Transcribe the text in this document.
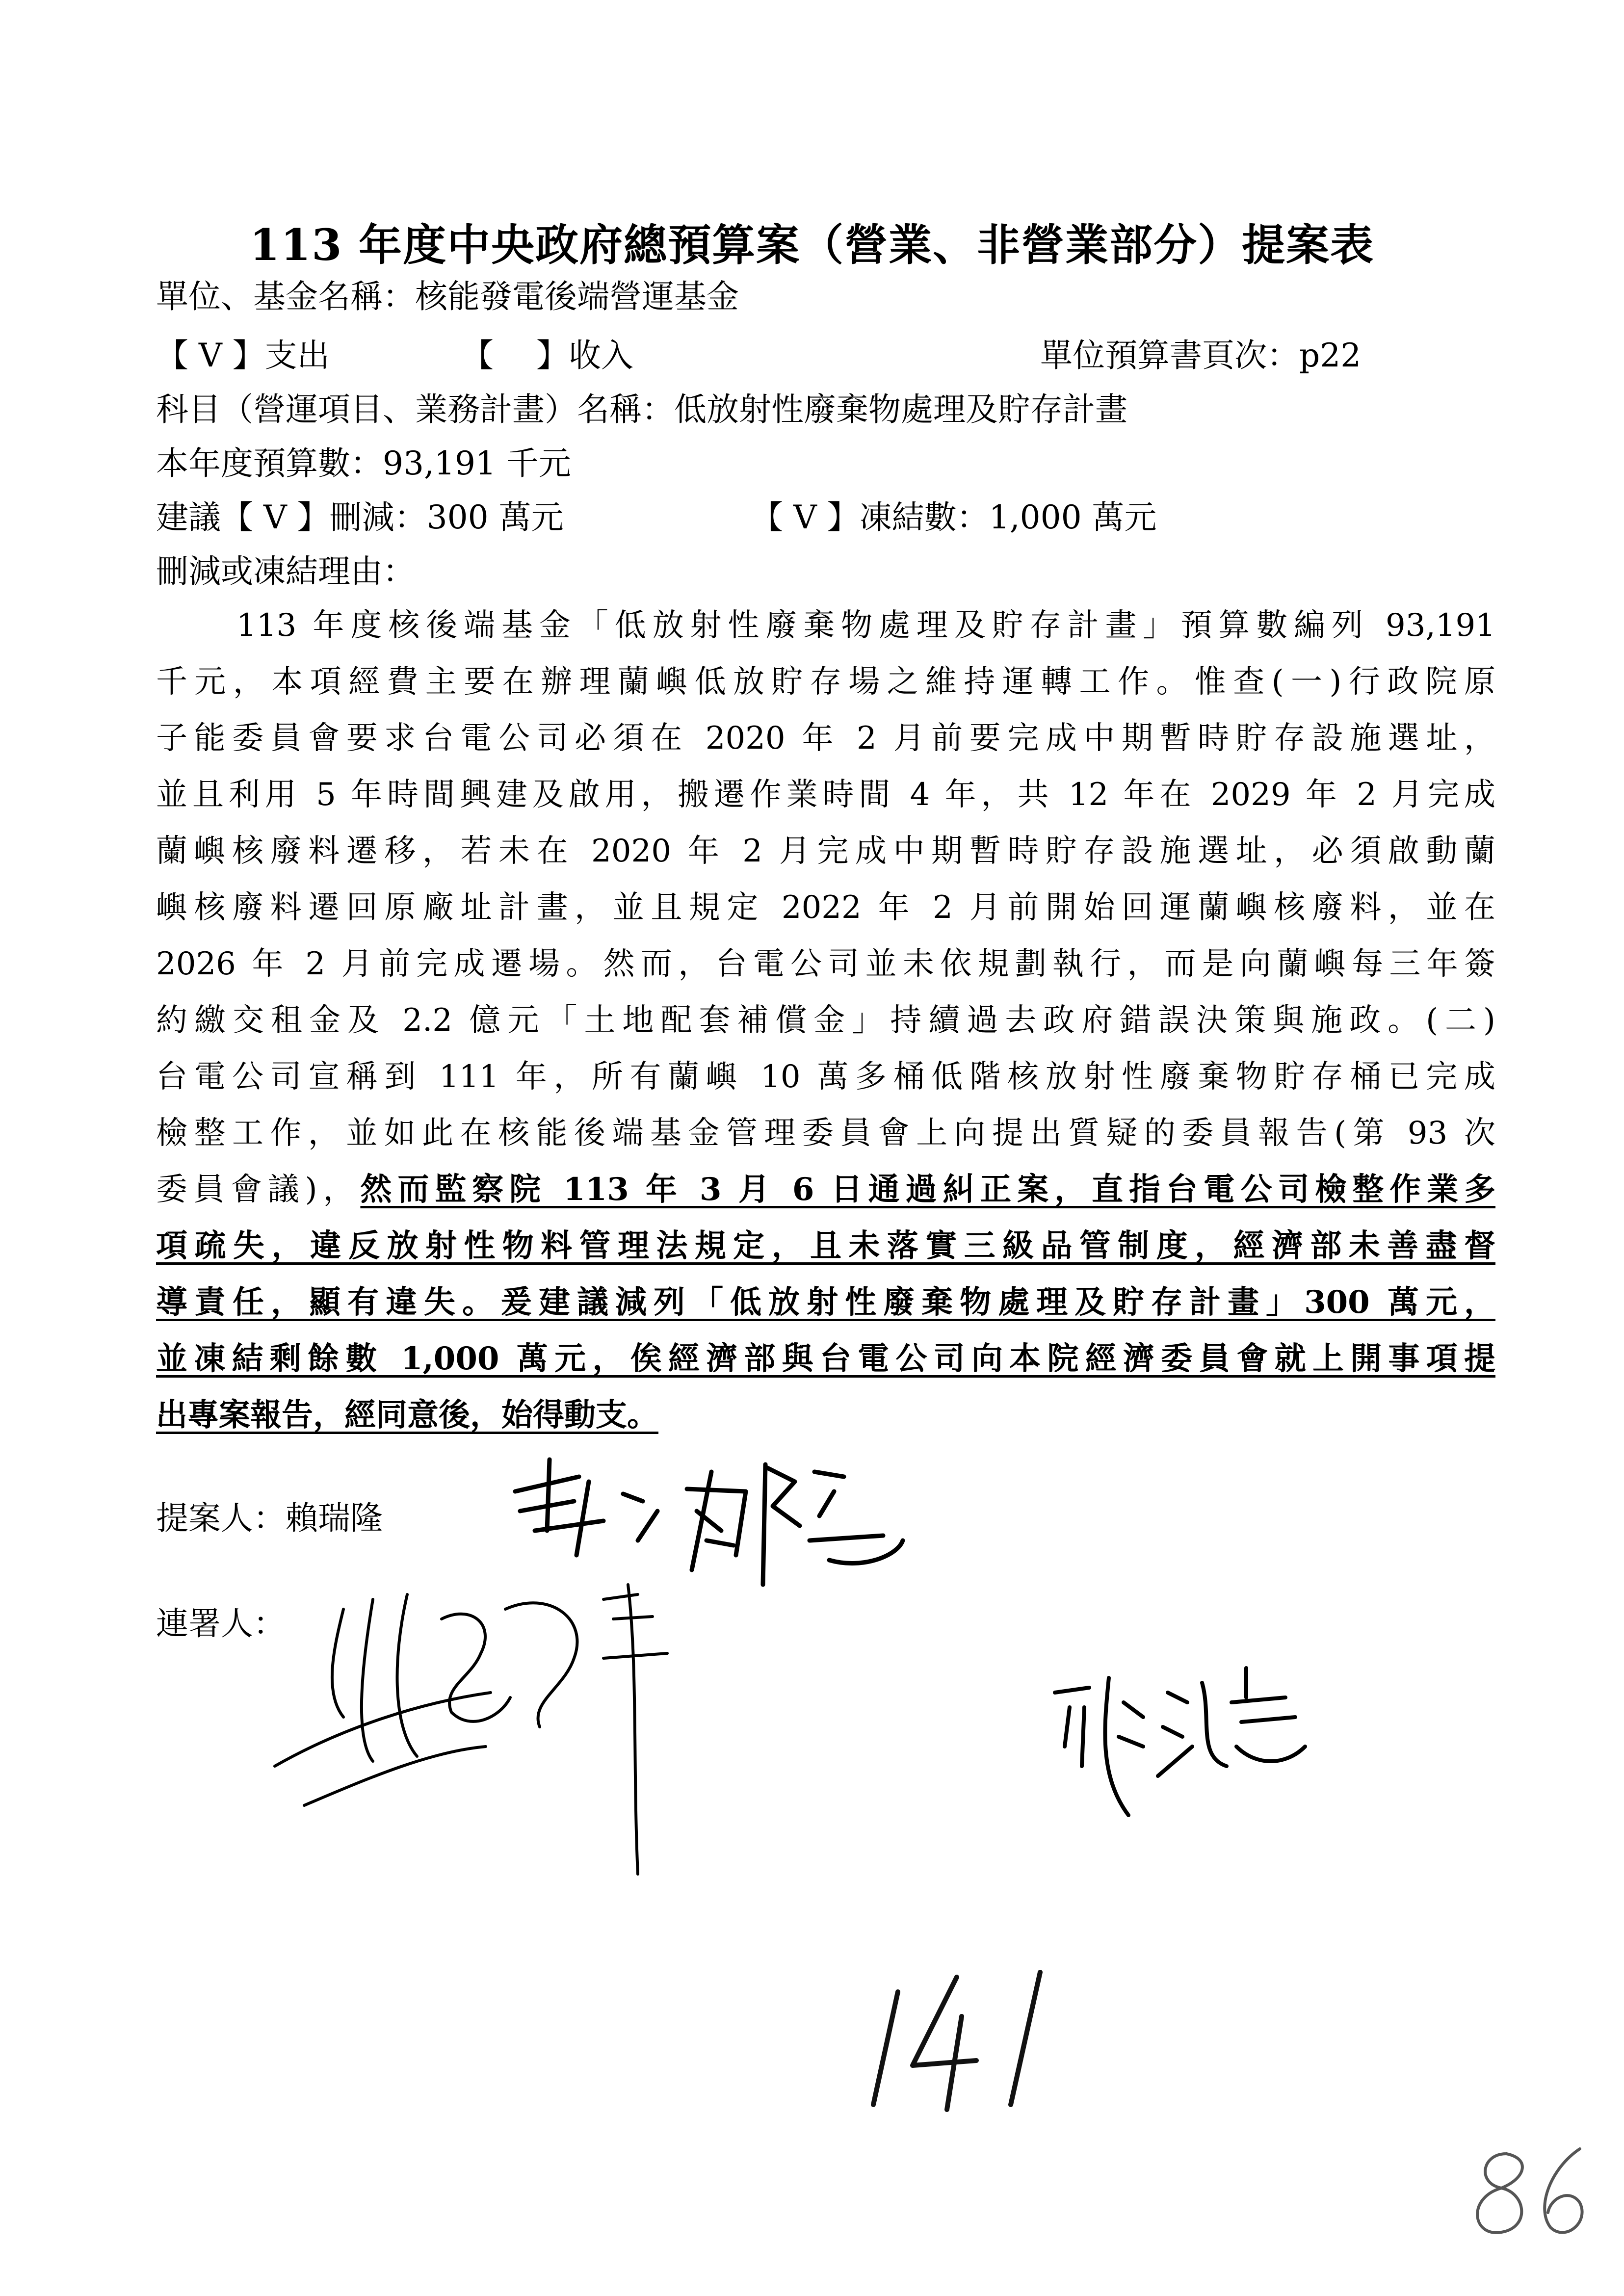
113 年度中央政府總預算案（營業、非營業部分）提案表
單位、基金名稱：核能發電後端營運基金
【 V 】支出	【　 】收入	單位預算書頁次：p22
科目（營運項目、業務計畫）名稱：低放射性廢棄物處理及貯存計畫
本年度預算數：93,191 千元
建議【 V 】刪減：300 萬元	【 V 】凍結數：1,000 萬元
刪減或凍結理由：
113 年度核後端基金「低放射性廢棄物處理及貯存計畫」預算數編列 93,191
千元，本項經費主要在辦理蘭嶼低放貯存場之維持運轉工作。惟查(一)行政院原
子能委員會要求台電公司必須在 2020 年 2 月前要完成中期暫時貯存設施選址，
並且利用 5 年時間興建及啟用，搬遷作業時間 4 年，共 12 年在 2029 年 2 月完成
蘭嶼核廢料遷移，若未在 2020 年 2 月完成中期暫時貯存設施選址，必須啟動蘭
嶼核廢料遷回原廠址計畫，並且規定 2022 年 2 月前開始回運蘭嶼核廢料，並在
2026 年 2 月前完成遷場。然而，台電公司並未依規劃執行，而是向蘭嶼每三年簽
約繳交租金及 2.2 億元「土地配套補償金」持續過去政府錯誤決策與施政。(二)
台電公司宣稱到 111 年，所有蘭嶼 10 萬多桶低階核放射性廢棄物貯存桶已完成
檢整工作，並如此在核能後端基金管理委員會上向提出質疑的委員報告(第 93 次
委員會議)，然而監察院 113 年 3 月 6 日通過糾正案，直指台電公司檢整作業多
項疏失，違反放射性物料管理法規定，且未落實三級品管制度，經濟部未善盡督
導責任，顯有違失。爰建議減列「低放射性廢棄物處理及貯存計畫」300 萬元，
並凍結剩餘數 1,000 萬元，俟經濟部與台電公司向本院經濟委員會就上開事項提
出專案報告，經同意後，始得動支。
提案人：賴瑞隆
連署人：
